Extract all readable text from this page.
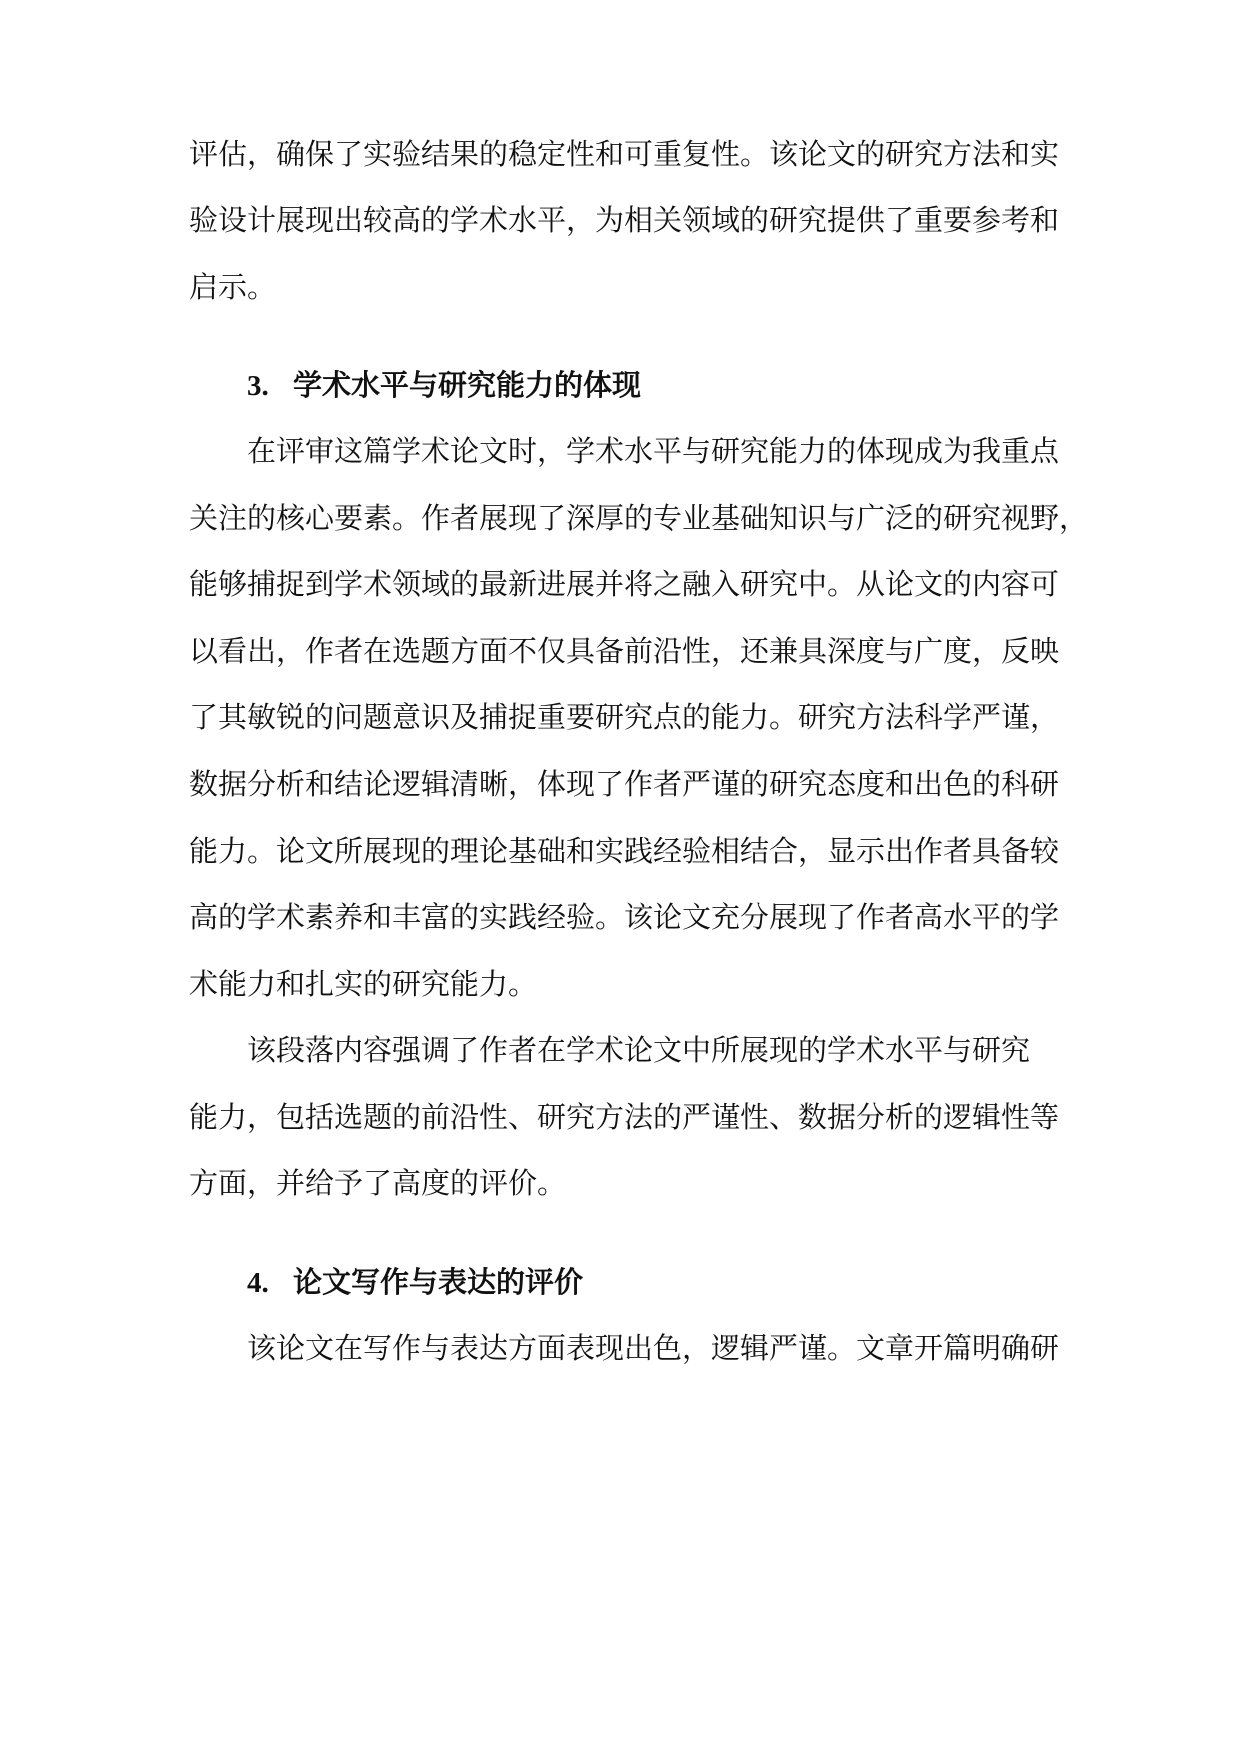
评估，确保了实验结果的稳定性和可重复性。该论文的研究方法和实
验设计展现出较高的学术水平，为相关领域的研究提供了重要参考和
启示。
3. 学术水平与研究能力的体现
在评审这篇学术论文时，学术水平与研究能力的体现成为我重点
关注的核心要素。作者展现了深厚的专业基础知识与广泛的研究视野，
能够捕捉到学术领域的最新进展并将之融入研究中。从论文的内容可
以看出，作者在选题方面不仅具备前沿性，还兼具深度与广度，反映
了其敏锐的问题意识及捕捉重要研究点的能力。研究方法科学严谨，
数据分析和结论逻辑清晰，体现了作者严谨的研究态度和出色的科研
能力。论文所展现的理论基础和实践经验相结合，显示出作者具备较
高的学术素养和丰富的实践经验。该论文充分展现了作者高水平的学
术能力和扎实的研究能力。
该段落内容强调了作者在学术论文中所展现的学术水平与研究
能力，包括选题的前沿性、研究方法的严谨性、数据分析的逻辑性等
方面，并给予了高度的评价。
4. 论文写作与表达的评价
该论文在写作与表达方面表现出色，逻辑严谨。文章开篇明确研
